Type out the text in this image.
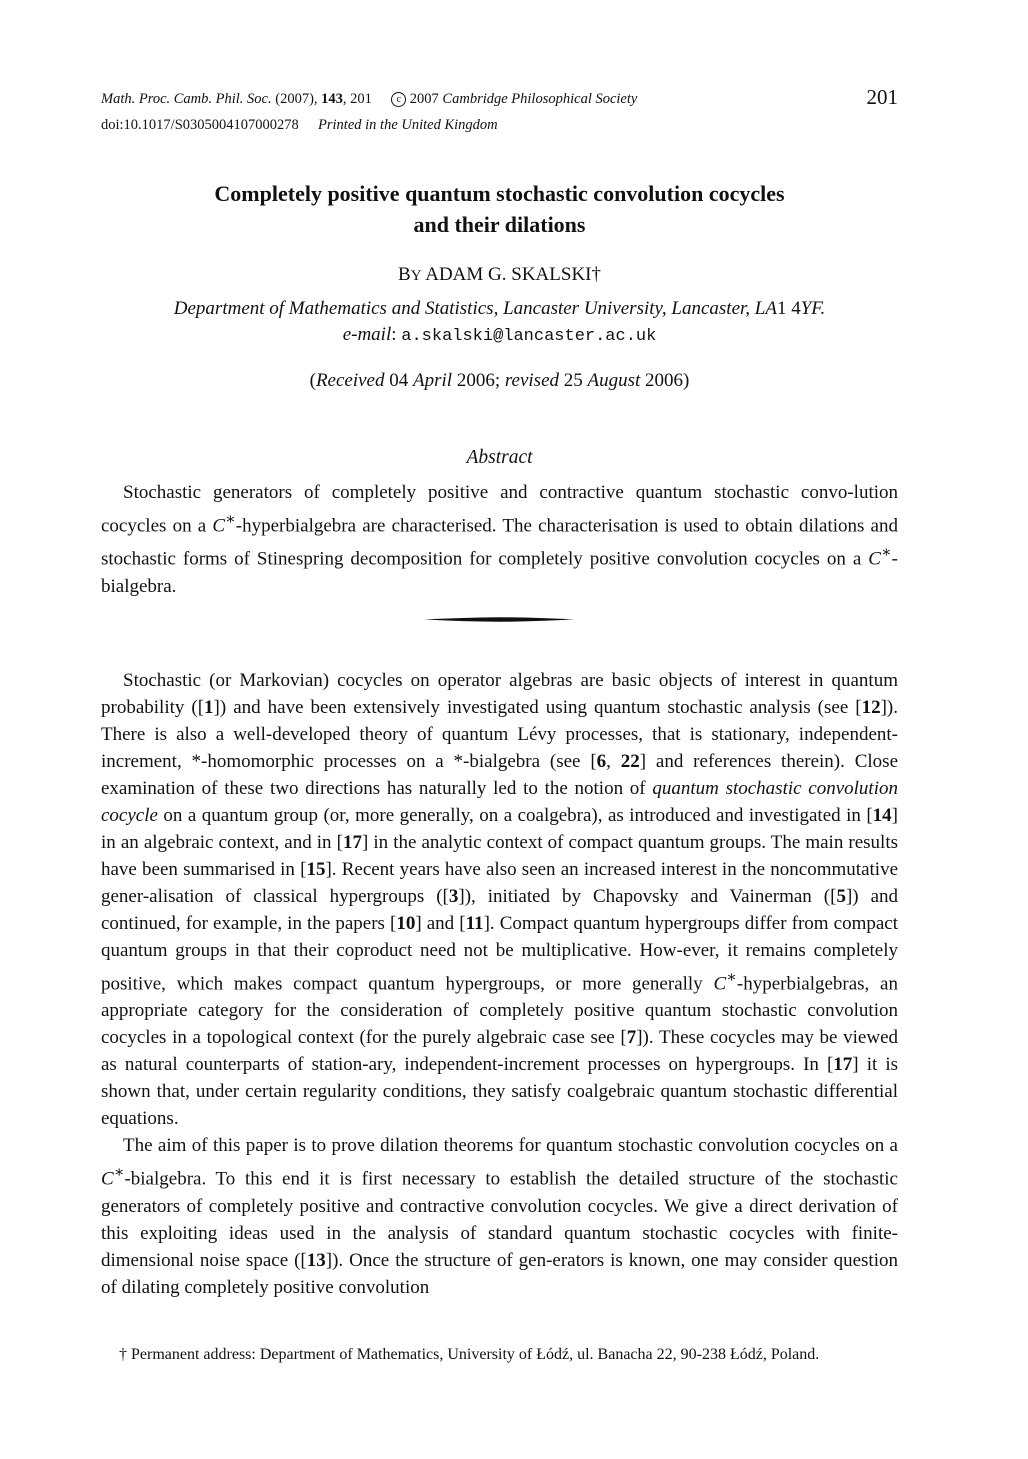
Math. Proc. Camb. Phil. Soc. (2007), 143, 201 c 2007 Cambridge Philosophical Society
doi:10.1017/S0305004107000278 Printed in the United Kingdom
201
Completely positive quantum stochastic convolution cocycles
and their dilations
BY ADAM G. SKALSKI†
Department of Mathematics and Statistics, Lancaster University, Lancaster, LA1 4YF.
e-mail: a.skalski@lancaster.ac.uk
(Received 04 April 2006; revised 25 August 2006)
Abstract

Stochastic generators of completely positive and contractive quantum stochastic convo-lution cocycles on a C∗-hyperbialgebra are characterised. The characterisation is used to obtain dilations and stochastic forms of Stinespring decomposition for completely positive convolution cocycles on a C∗-bialgebra.

Stochastic (or Markovian) cocycles on operator algebras are basic objects of interest in quantum probability ([1]) and have been extensively investigated using quantum stochastic analysis (see [12]). There is also a well-developed theory of quantum Lévy processes, that is stationary, independent-increment, *-homomorphic processes on a *-bialgebra (see [6, 22] and references therein). Close examination of these two directions has naturally led to the notion of quantum stochastic convolution cocycle on a quantum group (or, more generally, on a coalgebra), as introduced and investigated in [14] in an algebraic context, and in [17] in the analytic context of compact quantum groups. The main results have been summarised in [15]. Recent years have also seen an increased interest in the noncommutative gener-alisation of classical hypergroups ([3]), initiated by Chapovsky and Vainerman ([5]) and continued, for example, in the papers [10] and [11]. Compact quantum hypergroups differ from compact quantum groups in that their coproduct need not be multiplicative. How-ever, it remains completely positive, which makes compact quantum hypergroups, or more generally C∗-hyperbialgebras, an appropriate category for the consideration of completely positive quantum stochastic convolution cocycles in a topological context (for the purely algebraic case see [7]). These cocycles may be viewed as natural counterparts of station-ary, independent-increment processes on hypergroups. In [17] it is shown that, under certain regularity conditions, they satisfy coalgebraic quantum stochastic differential equations.

The aim of this paper is to prove dilation theorems for quantum stochastic convolution cocycles on a C∗-bialgebra. To this end it is first necessary to establish the detailed structure of the stochastic generators of completely positive and contractive convolution cocycles. We give a direct derivation of this exploiting ideas used in the analysis of standard quantum stochastic cocycles with finite-dimensional noise space ([13]). Once the structure of gen-erators is known, one may consider question of dilating completely positive convolution

† Permanent address: Department of Mathematics, University of Łódź, ul. Banacha 22, 90-238 Łódź, Poland.
